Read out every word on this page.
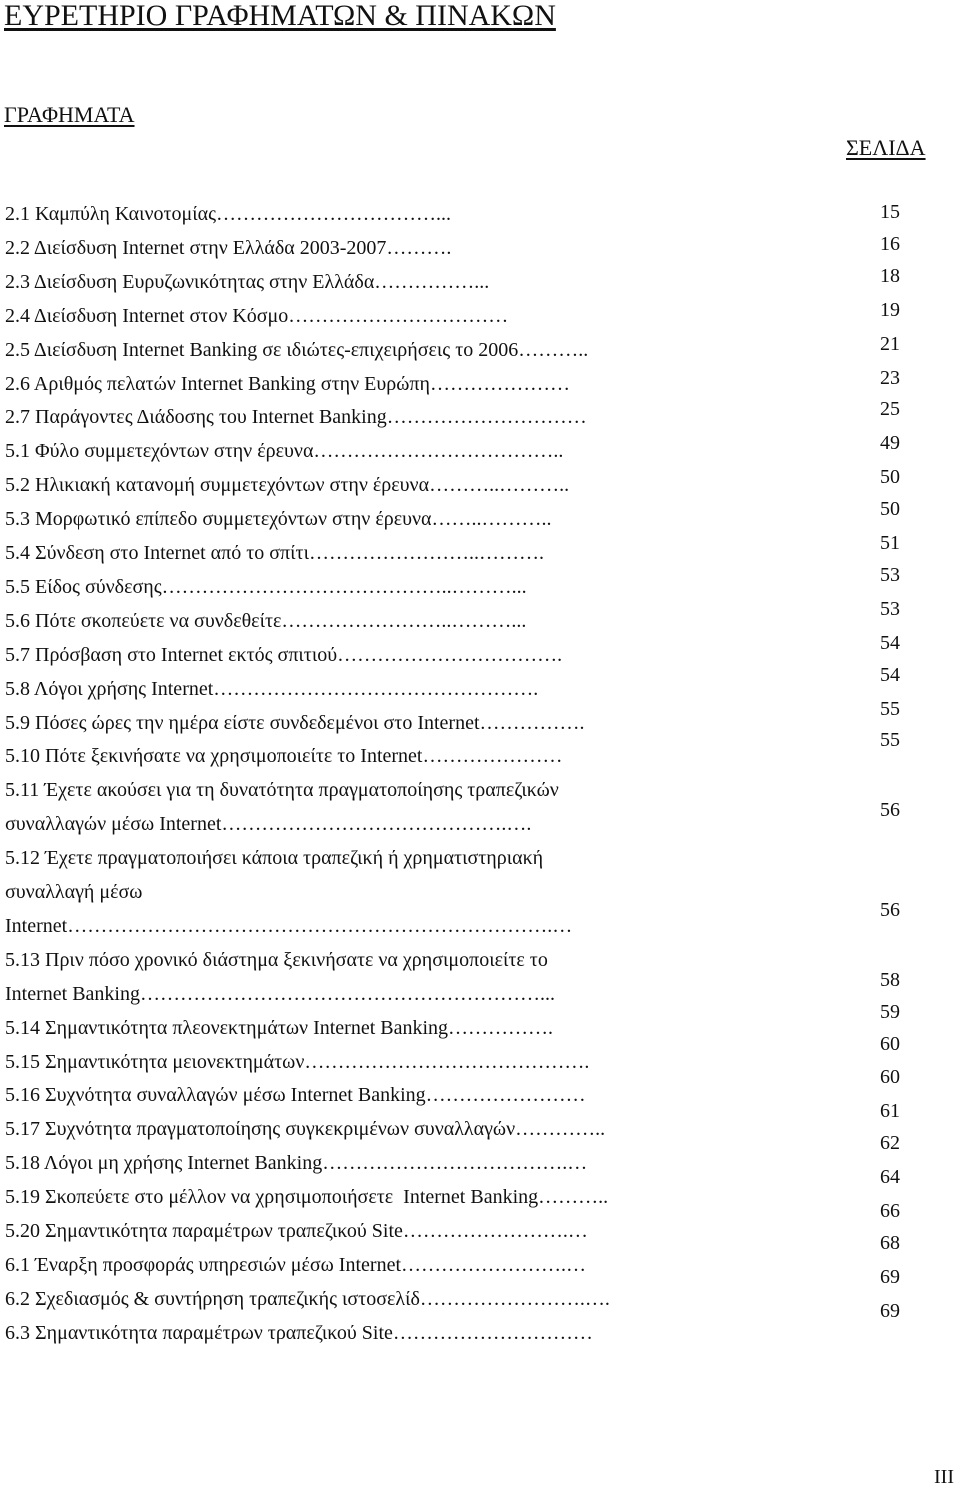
ΕΥΡΕΤΗΡΙΟ ΓΡΑΦΗΜΑΤΩΝ & ΠΙΝΑΚΩΝ
ΓΡΑΦΗΜΑΤΑ
ΣΕΛΙΔΑ
2.1 Καμπύλη Καινοτομίας……………………………...
2.2 Διείσδυση Internet στην Ελλάδα 2003-2007……….
2.3 Διείσδυση Ευρυζωνικότητας στην Ελλάδα……………...
2.4 Διείσδυση Internet στον Κόσμο……………………………
2.5 Διείσδυση Internet Banking σε ιδιώτες-επιχειρήσεις το 2006………..
2.6 Αριθμός πελατών Internet Banking στην Ευρώπη…………………
2.7 Παράγοντες Διάδοσης του Internet Banking…………………………
5.1 Φύλο συμμετεχόντων στην έρευνα………………………………..
5.2 Ηλικιακή κατανομή συμμετεχόντων στην έρευνα………..………..
5.3 Μορφωτικό επίπεδο συμμετεχόντων στην έρευνα……..………..
5.4 Σύνδεση στο Internet από το σπίτι……………………..……….
5.5 Είδος σύνδεσης……………………………………..………...
5.6 Πότε σκοπεύετε να συνδεθείτε……………………..………...
5.7 Πρόσβαση στο Internet εκτός σπιτιού…………………………….
5.8 Λόγοι χρήσης Internet………………………………………….
5.9 Πόσες ώρες την ημέρα είστε συνδεδεμένοι στο Internet…………….
5.10 Πότε ξεκινήσατε να χρησιμοποιείτε το Internet…………………
5.11 Έχετε ακούσει για τη δυνατότητα πραγματοποίησης τραπεζικών
συναλλαγών μέσω Internet…………………………………….….
5.12 Έχετε πραγματοποιήσει κάποια τραπεζική ή χρηματιστηριακή
συναλλαγή μέσω
Internet……………………………………………………………….…
5.13 Πριν πόσο χρονικό διάστημα ξεκινήσατε να χρησιμοποιείτε το
Internet Banking……………………………………………………...
5.14 Σημαντικότητα πλεονεκτημάτων Internet Banking…………….
5.15 Σημαντικότητα μειονεκτημάτων…………………………………….
5.16 Συχνότητα συναλλαγών μέσω Internet Banking……………………
5.17 Συχνότητα πραγματοποίησης συγκεκριμένων συναλλαγών…………..
5.18 Λόγοι μη χρήσης Internet Banking……………………………….…
5.19 Σκοπεύετε στο μέλλον να χρησιμοποιήσετε  Internet Banking………..
5.20 Σημαντικότητα παραμέτρων τραπεζικού Site…………………….…
6.1 Έναρξη προσφοράς υπηρεσιών μέσω Internet…………………….…
6.2 Σχεδιασμός & συντήρηση τραπεζικής ιστοσελίδ…………………….….
6.3 Σημαντικότητα παραμέτρων τραπεζικού Site…………………………
15
16
18
19
21
23
25
49
50
50
51
53
53
54
54
55
55
56
56
58
59
60
60
61
62
64
66
68
69
69
III
